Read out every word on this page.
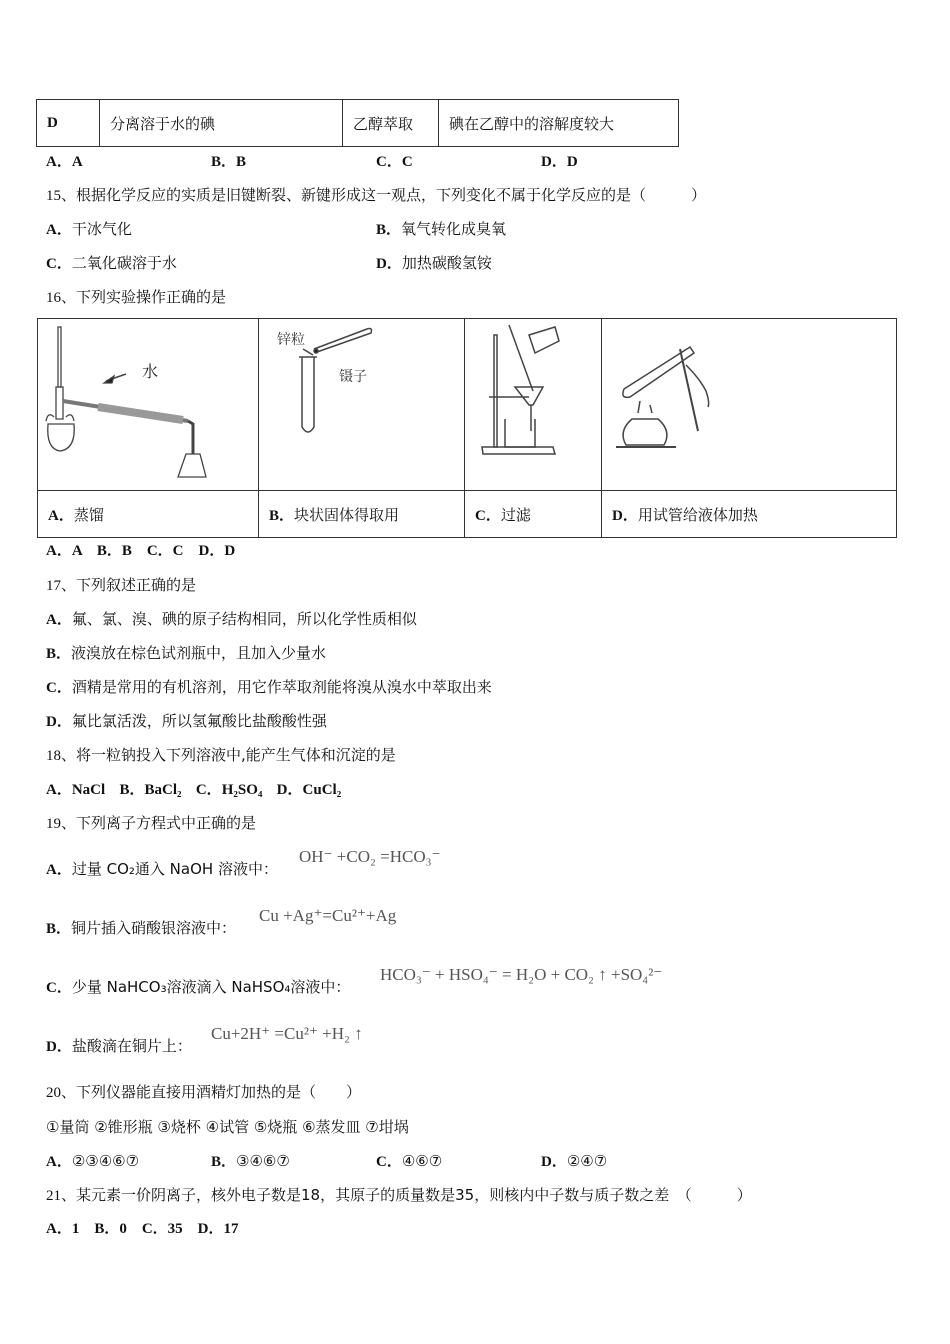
D	分离溶于水的碘	乙醇萃取	碘在乙醇中的溶解度较大
A．A	B．B	C．C	D．D
15、根据化学反应的实质是旧键断裂、新键形成这一观点，下列变化不属于化学反应的是（　　　）
A．干冰气化	B．氧气转化成臭氧
C．二氧化碳溶于水	D．加热碳酸氢铵
16、下列实验操作正确的是
水	锌粒
镊子

A．蒸馏	B．块状固体得取用	C．过滤	D．用试管给液体加热
A．A　B．B　C．C　D．D
17、下列叙述正确的是
A．氟、氯、溴、碘的原子结构相同，所以化学性质相似
B．液溴放在棕色试剂瓶中，且加入少量水
C．酒精是常用的有机溶剂，用它作萃取剂能将溴从溴水中萃取出来
D．氟比氯活泼，所以氢氟酸比盐酸酸性强
18、将一粒钠投入下列溶液中,能产生气体和沉淀的是
A．NaCl B．BaCl₂ C．H₂SO₄ D．CuCl₂
19、下列离子方程式中正确的是
A．过量 CO₂通入 NaOH 溶液中：
OH⁻ +CO₂ =HCO₃⁻
B．铜片插入硝酸银溶液中：
Cu +Ag⁺=Cu²⁺+Ag
C．少量 NaHCO₃溶液滴入 NaHSO₄溶液中：
HCO₃⁻ + HSO₄⁻ = H₂O + CO₂ ↑ +SO₄²⁻
D．盐酸滴在铜片上：
Cu+2H⁺ =Cu²⁺ +H₂ ↑
20、下列仪器能直接用酒精灯加热的是（　　）
①量筒 ②锥形瓶 ③烧杯 ④试管 ⑤烧瓶 ⑥蒸发皿 ⑦坩埚
A．②③④⑥⑦	B．③④⑥⑦	C．④⑥⑦	D．②④⑦
21、某元素一价阴离子，核外电子数是18，其原子的质量数是35，则核内中子数与质子数之差　（　　　）
A．1　B．0　C．35　D．17
